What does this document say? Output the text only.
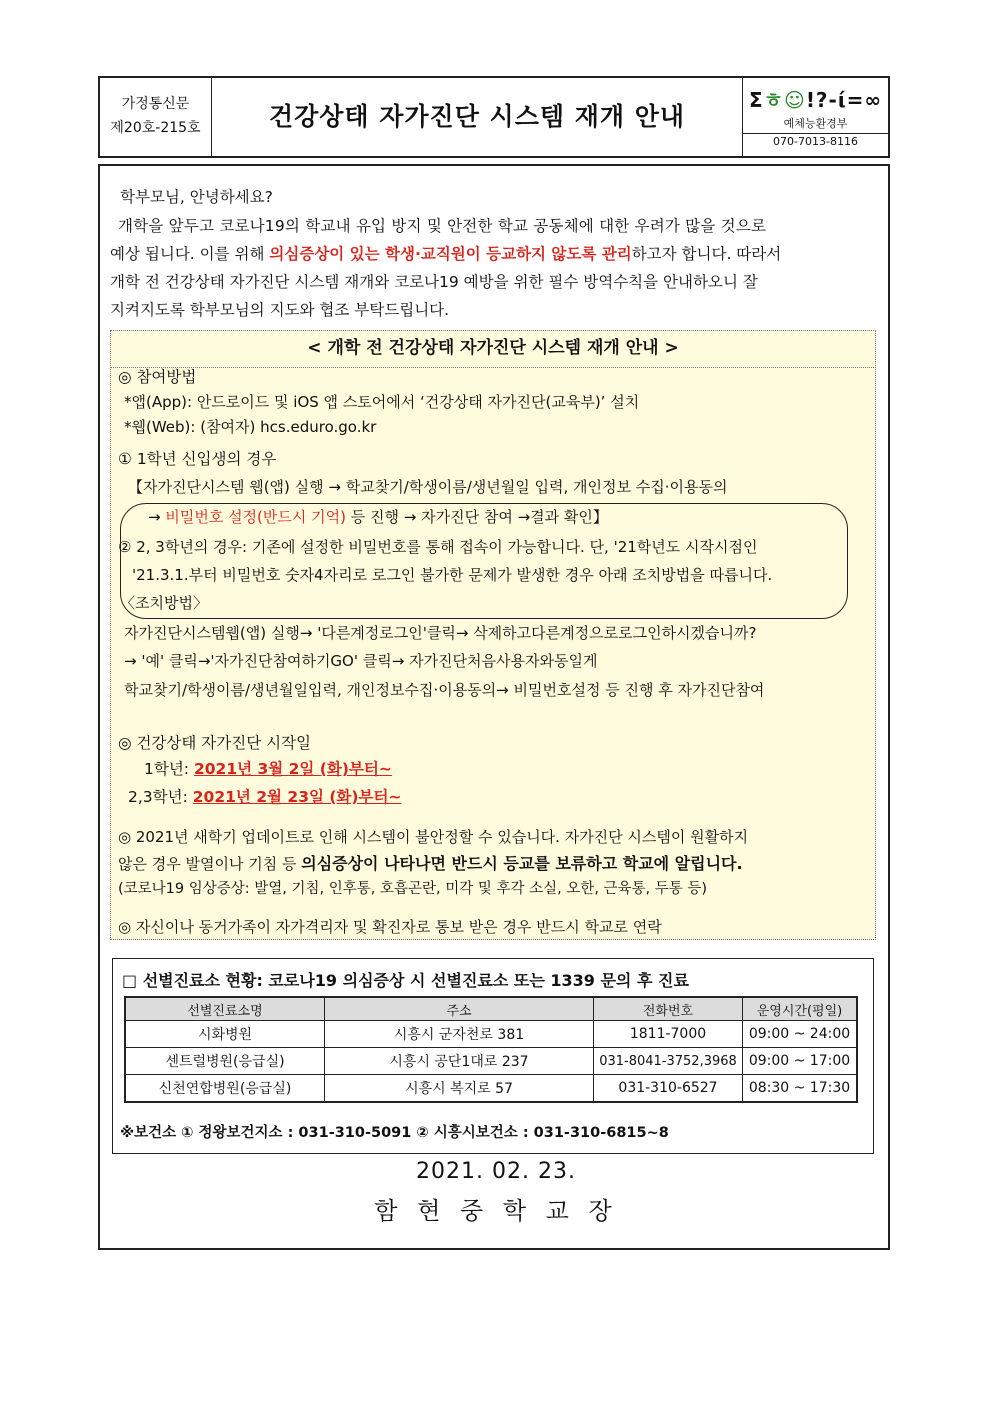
가정통신문
제20호-215호	건강상태 자가진단 시스템 재개 안내
Σㅎ☺!?-ί=∞
예체능환경부
070-7013-8116
학부모님, 안녕하세요?
개학을 앞두고 코로나19의 학교내 유입 방지 및 안전한 학교 공동체에 대한 우려가 많을 것으로
예상 됩니다. 이를 위해 의심증상이 있는 학생·교직원이 등교하지 않도록 관리하고자 합니다. 따라서
개학 전 건강상태 자가진단 시스템 재개와 코로나19 예방을 위한 필수 방역수칙을 안내하오니 잘
지켜지도록 학부모님의 지도와 협조 부탁드립니다.
< 개학 전 건강상태 자가진단 시스템 재개 안내 >
◎ 참여방법
*앱(App): 안드로이드 및 iOS 앱 스토어에서 ‘건강상태 자가진단(교육부)’ 설치
*웹(Web): (참여자) hcs.eduro.go.kr
① 1학년 신입생의 경우
【자가진단시스템 웹(앱) 실행 → 학교찾기/학생이름/생년월일 입력, 개인정보 수집·이용동의
→ 비밀번호 설정(반드시 기억) 등 진행 → 자가진단 참여 →결과 확인】
② 2, 3학년의 경우: 기존에 설정한 비밀번호를 통해 접속이 가능합니다. 단, '21학년도 시작시점인
'21.3.1.부터 비밀번호 숫자4자리로 로그인 불가한 문제가 발생한 경우 아래 조치방법을 따릅니다.
〈조치방법〉
자가진단시스템웹(앱) 실행→ '다른계정로그인'클릭→ 삭제하고다른계정으로로그인하시겠습니까?
→ '예' 클릭→'자가진단참여하기GO' 클릭→ 자가진단처음사용자와동일게
학교찾기/학생이름/생년월일입력, 개인정보수집·이용동의→ 비밀번호설정 등 진행 후 자가진단참여
◎ 건강상태 자가진단 시작일
1학년: 2021년 3월 2일 (화)부터~
2,3학년: 2021년 2월 23일 (화)부터~
◎ 2021년 새학기 업데이트로 인해 시스템이 불안정할 수 있습니다. 자가진단 시스템이 원활하지
않은 경우 발열이나 기침 등 의심증상이 나타나면 반드시 등교를 보류하고 학교에 알립니다.
(코로나19 임상증상: 발열, 기침, 인후통, 호흡곤란, 미각 및 후각 소실, 오한, 근육통, 두통 등)
◎ 자신이나 동거가족이 자가격리자 및 확진자로 통보 받은 경우 반드시 학교로 연락
□ 선별진료소 현황: 코로나19 의심증상 시 선별진료소 또는 1339 문의 후 진료
선별진료소명	주소	전화번호	운영시간(평일)
시화병원	시흥시 군자천로 381	1811-7000	09:00 ~ 24:00
센트럴병원(응급실)	시흥시 공단1대로 237	031-8041-3752,3968	09:00 ~ 17:00
신천연합병원(응급실)	시흥시 복지로 57	031-310-6527	08:30 ~ 17:30
※보건소 ① 정왕보건지소 : 031-310-5091 ② 시흥시보건소 : 031-310-6815~8
2021. 02. 23.
함 현 중 학 교 장
